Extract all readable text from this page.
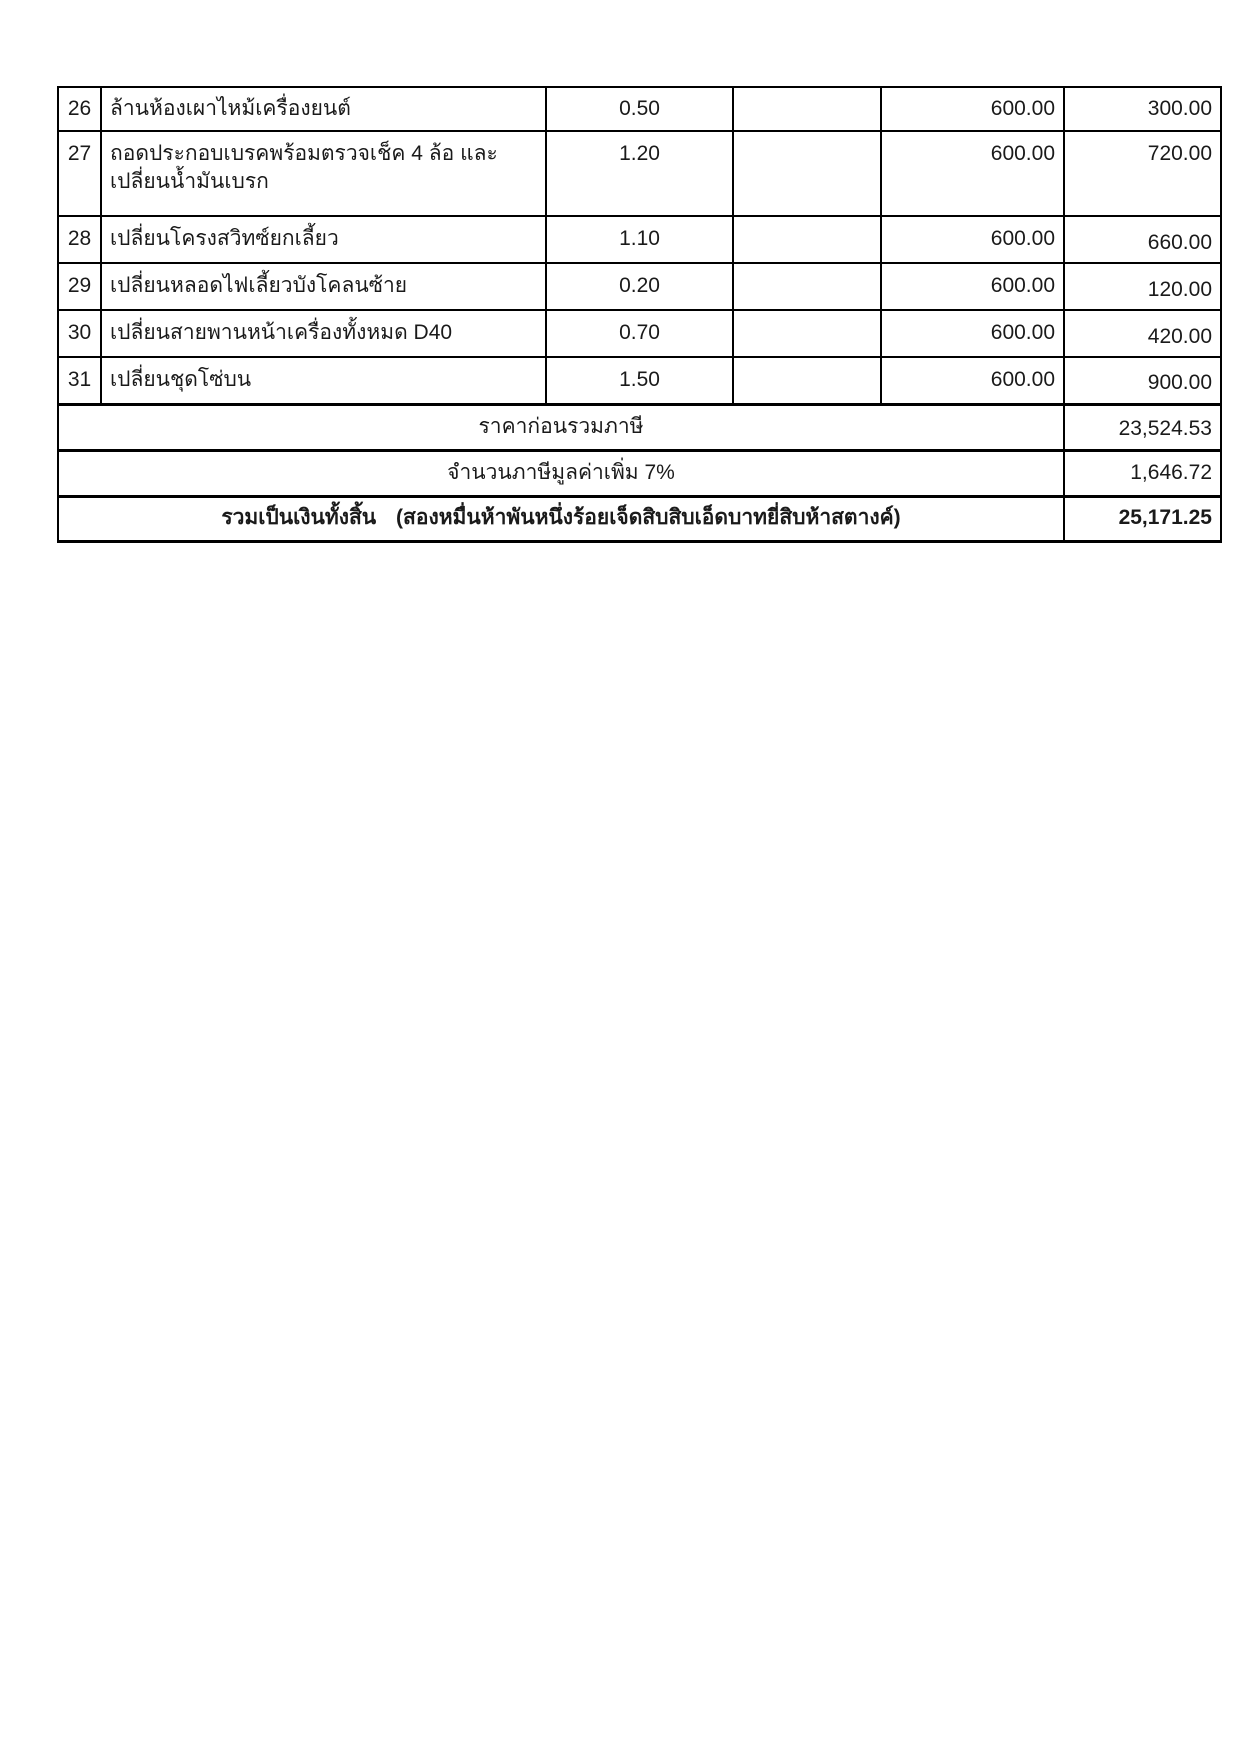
26	ล้านห้องเผาไหม้เครื่องยนต์	0.50		600.00	300.00
27	ถอดประกอบเบรคพร้อมตรวจเช็ค 4 ล้อ และเปลี่ยนน้ำมันเบรก	1.20		600.00	720.00
28	เปลี่ยนโครงสวิทซ์ยกเลี้ยว	1.10		600.00	660.00
29	เปลี่ยนหลอดไฟเลี้ยวบังโคลนซ้าย	0.20		600.00	120.00
30	เปลี่ยนสายพานหน้าเครื่องทั้งหมด D40	0.70		600.00	420.00
31	เปลี่ยนชุดโซ่บน	1.50		600.00	900.00
ราคาก่อนรวมภาษี					23,524.53
จำนวนภาษีมูลค่าเพิ่ม 7%					1,646.72
รวมเป็นเงินทั้งสิ้น (สองหมื่นห้าพันหนึ่งร้อยเจ็ดสิบสิบเอ็ดบาทยี่สิบห้าสตางค์)					25,171.25
